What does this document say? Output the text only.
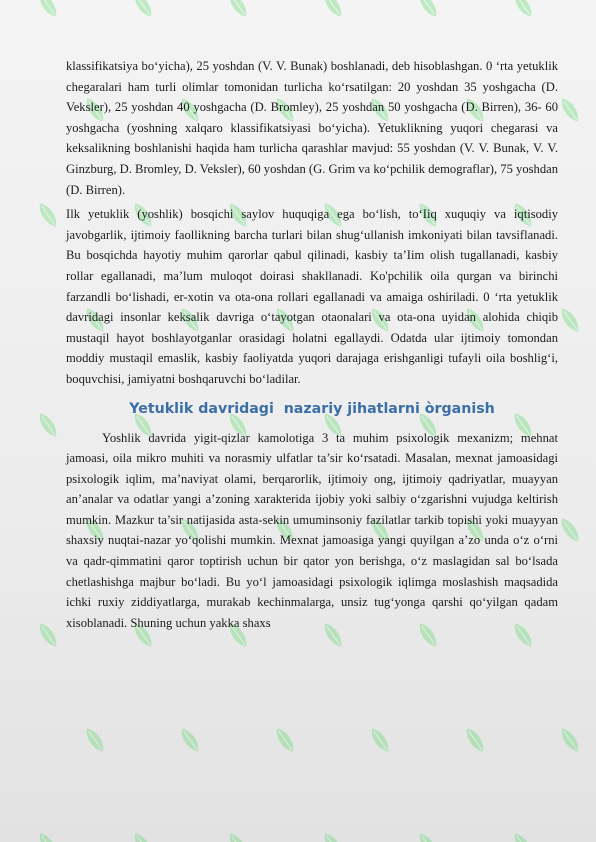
klassifikatsiya bo‘yicha), 25 yoshdan (V. V. Bunak) boshlanadi, deb hisoblashgan. 0 ‘rta yetuklik chegaralari ham turli olimlar tomonidan turlicha ko‘rsatilgan: 20 yoshdan 35 yoshgacha (D. Veksler), 25 yoshdan 40 yoshgacha (D. Bromley), 25 yoshdan 50 yoshgacha (D. Birren), 36- 60 yoshgacha (yoshning xalqaro klassifikatsiyasi bo‘yicha). Yetuklikning yuqori chegarasi va keksalikning boshlanishi haqida ham turlicha qarashlar mavjud: 55 yoshdan (V. V. Bunak, V. V. Ginzburg, D. Bromley, D. Veksler), 60 yoshdan (G. Grim va ko‘pchilik demograflar), 75 yoshdan (D. Birren).

Ilk yetuklik (yoshlik) bosqichi saylov huquqiga ega bo‘lish, to‘Iiq xuquqiy va iqtisodiy javobgarlik, ijtimoiy faollikning barcha turlari bilan shug‘ullanish imkoniyati bilan tavsiflanadi. Bu bosqichda hayotiy muhim qarorlar qabul qilinadi, kasbiy ta’Iim olish tugallanadi, kasbiy rollar egallanadi, ma’lum muloqot doirasi shakllanadi. Ko'pchilik oila qurgan va birinchi farzandli bo‘lishadi, er-xotin va ota-ona rollari egallanadi va amaiga oshiriladi. 0 ‘rta yetuklik davridagi insonlar keksalik davriga o‘tayotgan otaonalari va ota-ona uyidan alohida chiqib mustaqil hayot boshlayotganlar orasidagi holatni egallaydi. Odatda ular ijtimoiy tomondan moddiy mustaqil emaslik, kasbiy faoliyatda yuqori darajaga erishganligi tufayli oila boshlig‘i, boquvchisi, jamiyatni boshqaruvchi bo‘ladilar.

Yetuklik davridagi  nazariy jihatlarni òrganish

Yoshlik davrida yigit-qizlar kamolotiga 3 ta muhim psixologik mexanizm; mehnat jamoasi, oila mikro muhiti va norasmiy ulfatlar ta’sir ko‘rsatadi. Masalan, mexnat jamoasidagi psixologik iqlim, ma’naviyat olami, berqarorlik, ijtimoiy ong, ijtimoiy qadriyatlar, muayyan an’analar va odatlar yangi a’zoning xarakterida ijobiy yoki salbiy o‘zgarishni vujudga keltirish mumkin. Mazkur ta’sir natijasida asta-sekin umuminsoniy fazilatlar tarkib topishi yoki muayyan shaxsiy nuqtai-nazar yo‘qolishi mumkin. Mexnat jamoasiga yangi quyilgan a’zo unda o‘z o‘rni va qadr-qimmatini qaror toptirish uchun bir qator yon berishga, o‘z maslagidan sal bo‘lsada chetlashishga majbur bo‘ladi. Bu yo‘l jamoasidagi psixologik iqlimga moslashish maqsadida ichki ruxiy ziddiyatlarga, murakab kechinmalarga, unsiz tug‘yonga qarshi qo‘yilgan qadam xisoblanadi. Shuning uchun yakka shaxs
